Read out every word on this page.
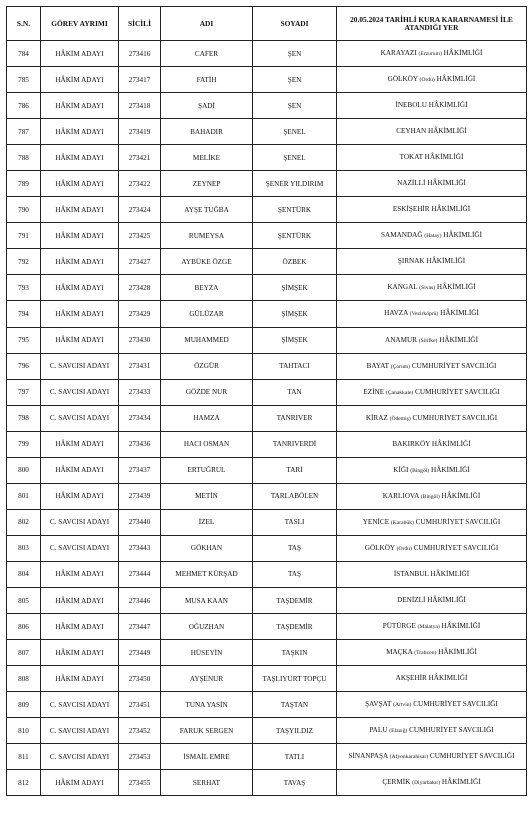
S.N.	GÖREV AYRIMI	SİCİLİ	ADI	SOYADI	20.05.2024 TARİHLİ KURA KARARNAMESİ İLE ATANDIĞI YER
784	HÂKİM ADAYI	273416	CAFER	ŞEN	KARAYAZI (Erzurum) HÂKİMLİĞİ
785	HÂKİM ADAYI	273417	FATİH	ŞEN	GÖLKÖY (Ordu) HÂKİMLİĞİ
786	HÂKİM ADAYI	273418	ŞADİ	ŞEN	İNEBOLU HÂKİMLİĞİ
787	HÂKİM ADAYI	273419	BAHADIR	ŞENEL	CEYHAN HÂKİMLİĞİ
788	HÂKİM ADAYI	273421	MELİKE	ŞENEL	TOKAT HÂKİMLİĞİ
789	HÂKİM ADAYI	273422	ZEYNEP	ŞENER YILDIRIM	NAZİLLİ HÂKİMLİĞİ
790	HÂKİM ADAYI	273424	AYŞE TUĞBA	ŞENTÜRK	ESKİŞEHİR HÂKİMLİĞİ
791	HÂKİM ADAYI	273425	RUMEYSA	ŞENTÜRK	SAMANDAĞ (Hatay) HÂKİMLİĞİ
792	HÂKİM ADAYI	273427	AYBÜKE ÖZGE	ÖZBEK	ŞIRNAK HÂKİMLİĞİ
793	HÂKİM ADAYI	273428	BEYZA	ŞİMŞEK	KANGAL (Sivas) HÂKİMLİĞİ
794	HÂKİM ADAYI	273429	GÜLÜZAR	ŞİMŞEK	HAVZA (Vezirköprü) HÂKİMLİĞİ
795	HÂKİM ADAYI	273430	MUHAMMED	ŞİMŞEK	ANAMUR (Silifke) HÂKİMLİĞİ
796	C. SAVCISI ADAYI	273431	ÖZGÜR	TAHTACI	BAYAT (Çorum) CUMHURİYET SAVCILIĞI
797	C. SAVCISI ADAYI	273433	GÖZDE NUR	TAN	EZİNE (Çanakkale) CUMHURİYET SAVCILIĞI
798	C. SAVCISI ADAYI	273434	HAMZA	TANRIVER	KİRAZ (Ödemiş) CUMHURİYET SAVCILIĞI
799	HÂKİM ADAYI	273436	HACI OSMAN	TANRIVERDİ	BAKIRKÖY HÂKİMLİĞİ
800	HÂKİM ADAYI	273437	ERTUĞRUL	TARİ	KİĞI (Bingöl) HÂKİMLİĞİ
801	HÂKİM ADAYI	273439	METİN	TARLABÖLEN	KARLIOVA (Bingöl) HÂKİMLİĞİ
802	C. SAVCISI ADAYI	273440	İZEL	TASLI	YENİCE (Karabük) CUMHURİYET SAVCILIĞI
803	C. SAVCISI ADAYI	273443	GÖKHAN	TAŞ	GÖLKÖY (Ordu) CUMHURİYET SAVCILIĞI
804	HÂKİM ADAYI	273444	MEHMET KÜRŞAD	TAŞ	İSTANBUL HÂKİMLİĞİ
805	HÂKİM ADAYI	273446	MUSA KAAN	TAŞDEMİR	DENİZLİ HÂKİMLİĞİ
806	HÂKİM ADAYI	273447	OĞUZHAN	TAŞDEMİR	PÜTÜRGE (Malatya) HÂKİMLİĞİ
807	HÂKİM ADAYI	273449	HÜSEYİN	TAŞKIN	MAÇKA (Trabzon) HÂKİMLİĞİ
808	HÂKİM ADAYI	273450	AYŞENUR	TAŞLIYURT TOPÇU	AKŞEHİR HÂKİMLİĞİ
809	C. SAVCISI ADAYI	273451	TUNA YASİN	TAŞTAN	ŞAVŞAT (Artvin) CUMHURİYET SAVCILIĞI
810	C. SAVCISI ADAYI	273452	FARUK SERGEN	TAŞYILDIZ	PALU (Elazığ) CUMHURİYET SAVCILIĞI
811	C. SAVCISI ADAYI	273453	İSMAİL EMRE	TATLI	SİNANPAŞA (Afyonkarahisar) CUMHURİYET SAVCILIĞI
812	HÂKİM ADAYI	273455	SERHAT	TAVAŞ	ÇERMİK (Diyarbakır) HÂKİMLİĞİ
